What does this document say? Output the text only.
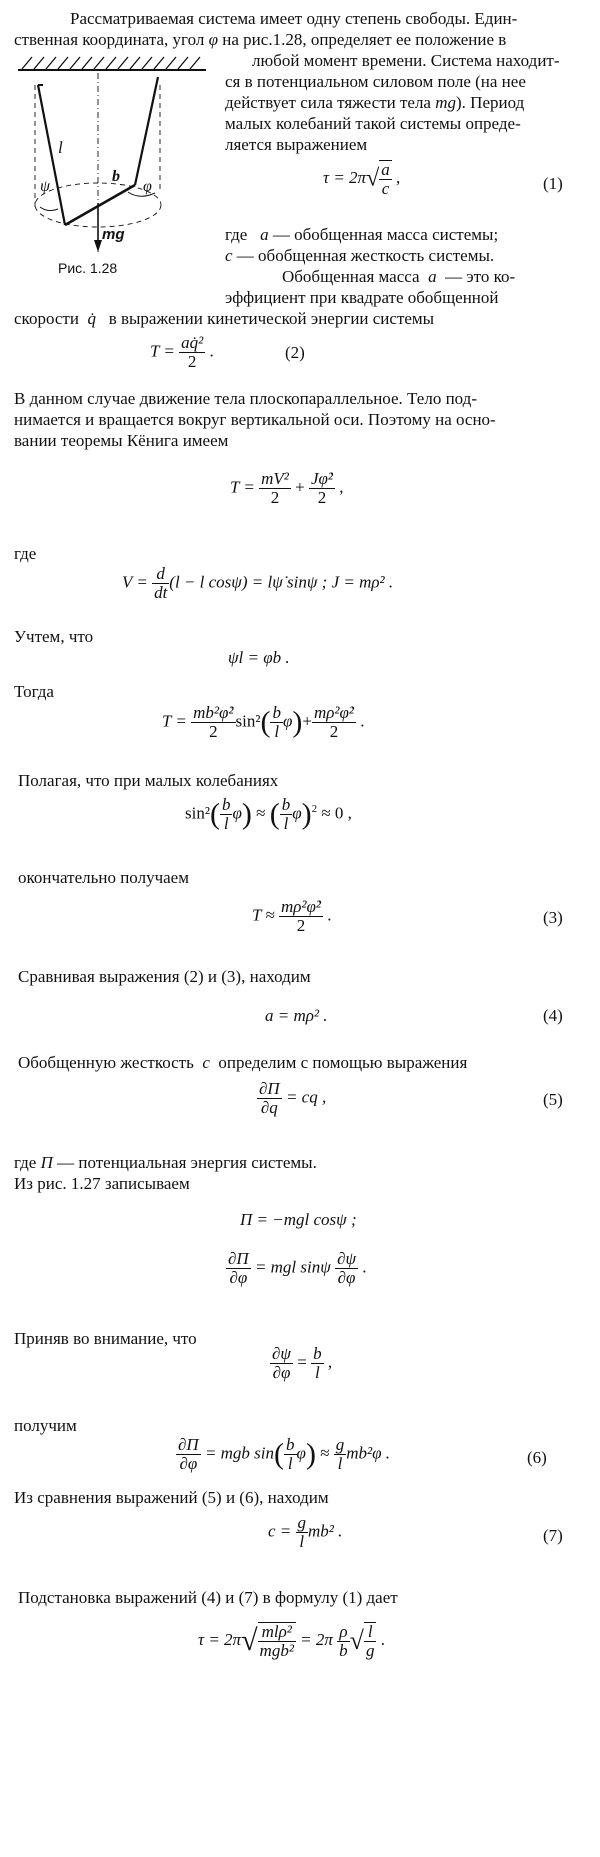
Рассматриваемая система имеет одну степень свободы. Един-
ственная координата, угол φ на рис.1.28, определяет ее положение в
любой момент времени. Система находит-
ся в потенциальном силовом поле (на нее
действует сила тяжести тела mg). Период
малых колебаний такой системы опреде-
ляется выражением
l
ψ
b
φ
mg
Рис. 1.28
$\tau = 2\pi√ \frac{a}{c}$ ,	(1)
где a — обобщенная масса системы;
c — обобщенная жесткость системы.
Обобщенная масса a — это ко-
эффициент при квадрате обобщенной
скорости q̇ в выражении кинетической энергии системы
$T = \frac{\text{aq̇²}}{2}$ .	(2)
В данном случае движение тела плоскопараллельное. Тело под-
нимается и вращается вокруг вертикальной оси. Поэтому на осно-
вании теоремы Кёнига имеем
$T = \frac{\text{mV²}}{2} + \frac{\text{Jφ̇²}}{2}$ ,
где
$V = \frac{d}{dt} (l - l$ cosψ) = lψ̇ sinψ ; J = mρ² .
Учтем, что
ψl = φb .
Тогда
$T = \frac{\text{mb²φ̇²}}{2} \sin^2( \frac{b}{l} \varphi)+ \frac{\text{mρ²φ̇²}}{2}$ .
Полагая, что при малых колебаниях
$\sin^2( \frac{b}{l} \varphi)$ ≈ ( $\frac{b}{l} \varphi)^2 \approx 0$ ,
окончательно получаем
$T \approx \frac{\text{mρ²φ̇²}}{2}$ .	(3)
Сравнивая выражения (2) и (3), находим
a = mρ² .	(4)
Обобщенную жесткость c определим с помощью выражения
$\frac{\partial\Pi}{\partial q}$ = cq ,	(5)
где Π — потенциальная энергия системы.
Из рис. 1.27 записываем
Π = −mgl cosψ ;
$\frac{\partial\Pi}{\partial\varphi}$ = mgl sinψ $\frac{\partial\psi}{\partial\varphi}$ .
Приняв во внимание, что
$\frac{\partial\psi}{\partial\varphi} = \frac{b}{l}$ ,
получим
$\frac{\partial\Pi}{\partial\varphi}$ = mgb $\sin( \frac{b}{l} \varphi) \approx \frac{g}{l} mb^2\varphi$ .	(6)
Из сравнения выражений (5) и (6), находим
$c = \frac{g}{l} mb^2$ .	(7)
Подстановка выражений (4) и (7) в формулу (1) дает
$\tau = 2\pi√ \frac{\text{mlρ²}}{\text{mgb²}} = 2\pi \frac{\rho}{b}$ √ $\frac{l}{g}$ .
